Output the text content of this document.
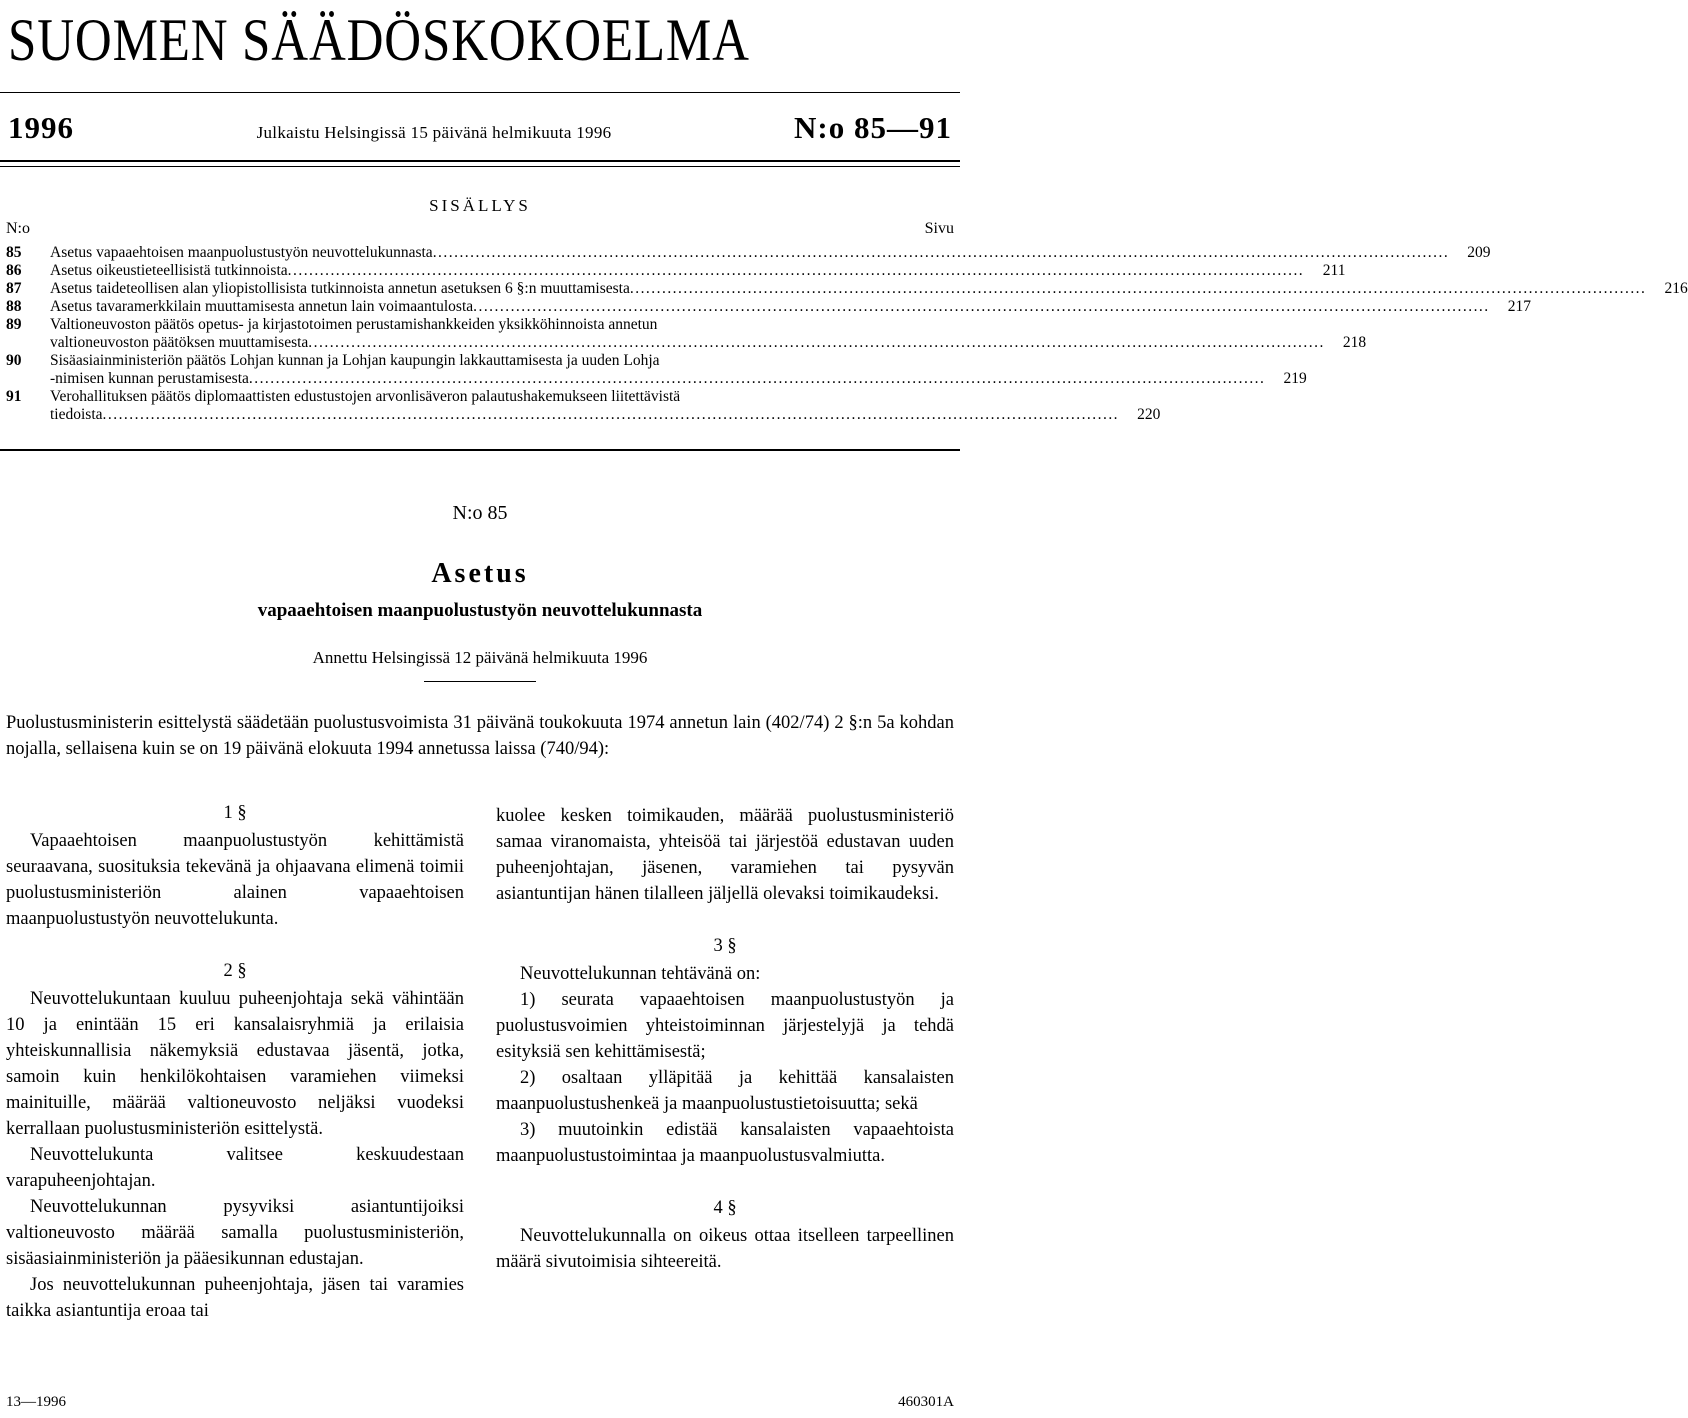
SUOMEN SÄÄDÖSKOKOELMA
1996	Julkaistu Helsingissä 15 päivänä helmikuuta 1996	N:o 85—91
SISÄLLYS
N:o	Sivu
85	Asetus vapaaehtoisen maanpuolustustyön neuvottelukunnasta . . .	209
86	Asetus oikeustieteellisistä tutkinnoista . . .	211
87	Asetus taideteollisen alan yliopistollisista tutkinnoista annetun asetuksen 6 §:n muuttamisesta . . .	216
88	Asetus tavaramerkkilain muuttamisesta annetun lain voimaantulosta . . .	217
89	Valtioneuvoston päätös opetus- ja kirjastotoimen perustamishankkeiden yksikköhinnoista annetun
valtioneuvoston päätöksen muuttamisesta . . .	218
90	Sisäasiainministeriön päätös Lohjan kunnan ja Lohjan kaupungin lakkauttamisesta ja uuden Lohja
-nimisen kunnan perustamisesta . . .	219
91	Verohallituksen päätös diplomaattisten edustustojen arvonlisäveron palautushakemukseen liitettävistä
tiedoista . . .	220
N:o 85
Asetus
vapaaehtoisen maanpuolustustyön neuvottelukunnasta
Annettu Helsingissä 12 päivänä helmikuuta 1996
Puolustusministerin esittelystä säädetään puolustusvoimista 31 päivänä toukokuuta 1974 annetun lain (402/74) 2 §:n 5a kohdan nojalla, sellaisena kuin se on 19 päivänä elokuuta 1994 annetussa laissa (740/94):
1 §

Vapaaehtoisen maanpuolustustyön kehittämistä seuraavana, suosituksia tekevänä ja ohjaavana elimenä toimii puolustusministeriön alainen vapaaehtoisen maanpuolustustyön neuvottelukunta.

2 §

Neuvottelukuntaan kuuluu puheenjohtaja sekä vähintään 10 ja enintään 15 eri kansalaisryhmiä ja erilaisia yhteiskunnallisia näkemyksiä edustavaa jäsentä, jotka, samoin kuin henkilökohtaisen varamiehen viimeksi mainituille, määrää valtioneuvosto neljäksi vuodeksi kerrallaan puolustusministeriön esittelystä.

Neuvottelukunta valitsee keskuudestaan varapuheenjohtajan.

Neuvottelukunnan pysyviksi asiantuntijoiksi valtioneuvosto määrää samalla puolustusministeriön, sisäasiainministeriön ja pääesikunnan edustajan.

Jos neuvottelukunnan puheenjohtaja, jäsen tai varamies taikka asiantuntija eroaa tai

kuolee kesken toimikauden, määrää puolustusministeriö samaa viranomaista, yhteisöä tai järjestöä edustavan uuden puheenjohtajan, jäsenen, varamiehen tai pysyvän asiantuntijan hänen tilalleen jäljellä olevaksi toimikaudeksi.

3 §

Neuvottelukunnan tehtävänä on:

1) seurata vapaaehtoisen maanpuolustustyön ja puolustusvoimien yhteistoiminnan järjestelyjä ja tehdä esityksiä sen kehittämisestä;

2) osaltaan ylläpitää ja kehittää kansalaisten maanpuolustushenkeä ja maanpuolustustietoisuutta; sekä

3) muutoinkin edistää kansalaisten vapaaehtoista maanpuolustustoimintaa ja maanpuolustusvalmiutta.

4 §

Neuvottelukunnalla on oikeus ottaa itselleen tarpeellinen määrä sivutoimisia sihteereitä.

13—1996	460301A
